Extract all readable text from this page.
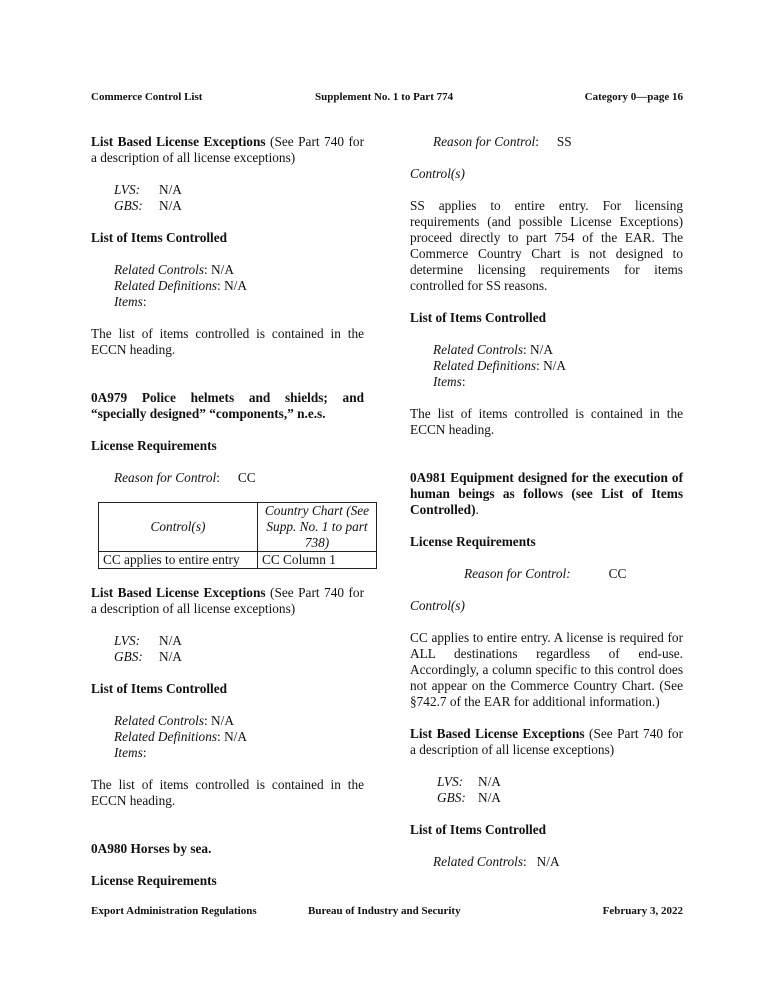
Commerce Control List	Supplement No. 1 to Part 774	Category 0—page 16

List Based License Exceptions (See Part 740 for a description of all license exceptions)

LVS:	N/A
GBS:	N/A

List of Items Controlled

Related Controls: N/A

Related Definitions: N/A

Items:

The list of items controlled is contained in the ECCN heading.

0A979 Police helmets and shields; and “specially designed” “components,” n.e.s.

License Requirements

Reason for Control : CC
Control(s)	Country Chart (See Supp. No. 1 to part 738)
CC applies to entire entry	CC Column 1

List Based License Exceptions (See Part 740 for a description of all license exceptions)

LVS:	N/A
GBS:	N/A

List of Items Controlled

Related Controls: N/A

Related Definitions: N/A

Items:

The list of items controlled is contained in the ECCN heading.

0A980 Horses by sea.

License Requirements

Reason for Control : SS

Control(s)

SS applies to entire entry. For licensing requirements (and possible License Exceptions) proceed directly to part 754 of the EAR. The Commerce Country Chart is not designed to determine licensing requirements for items controlled for SS reasons.

List of Items Controlled

Related Controls: N/A

Related Definitions: N/A

Items:

The list of items controlled is contained in the ECCN heading.

0A981 Equipment designed for the execution of human beings as follows (see List of Items Controlled).

License Requirements

Reason for Control:	CC

Control(s)

CC applies to entire entry. A license is required for ALL destinations regardless of end-use. Accordingly, a column specific to this control does not appear on the Commerce Country Chart. (See §742.7 of the EAR for additional information.)

List Based License Exceptions (See Part 740 for a description of all license exceptions)

LVS:	N/A
GBS: N/A

List of Items Controlled

Related Controls:   N/A

Export Administration Regulations	Bureau of Industry and Security	February 3, 2022
